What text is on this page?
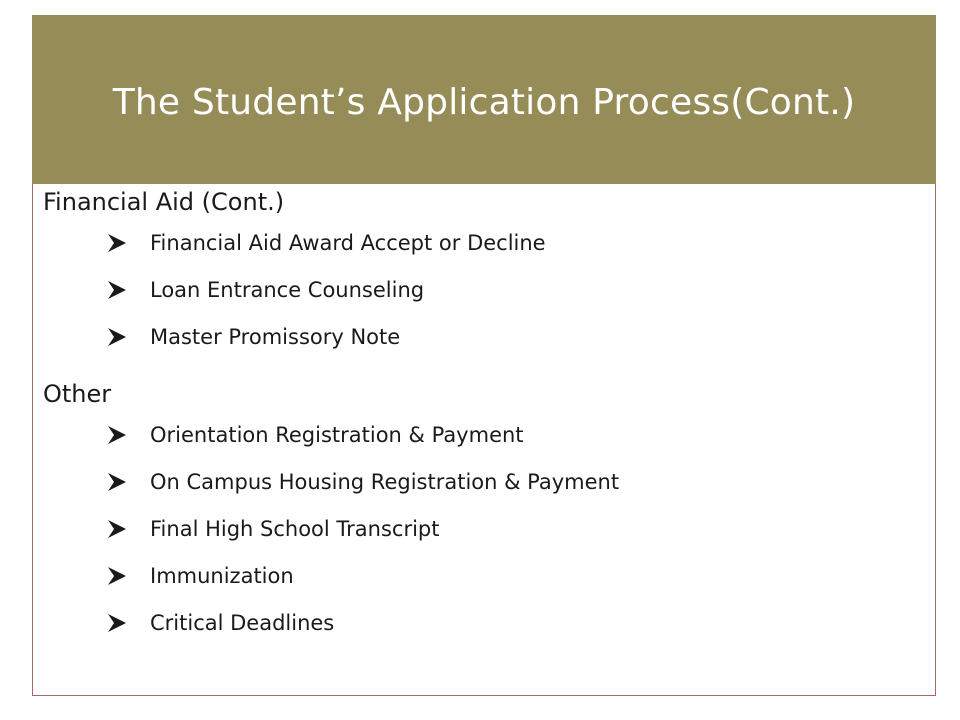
The Student’s Application Process(Cont.)
Financial Aid (Cont.)
Financial Aid Award Accept or Decline
Loan Entrance Counseling
Master Promissory Note
Other
Orientation Registration & Payment
On Campus Housing Registration & Payment
Final High School Transcript
Immunization
Critical Deadlines
